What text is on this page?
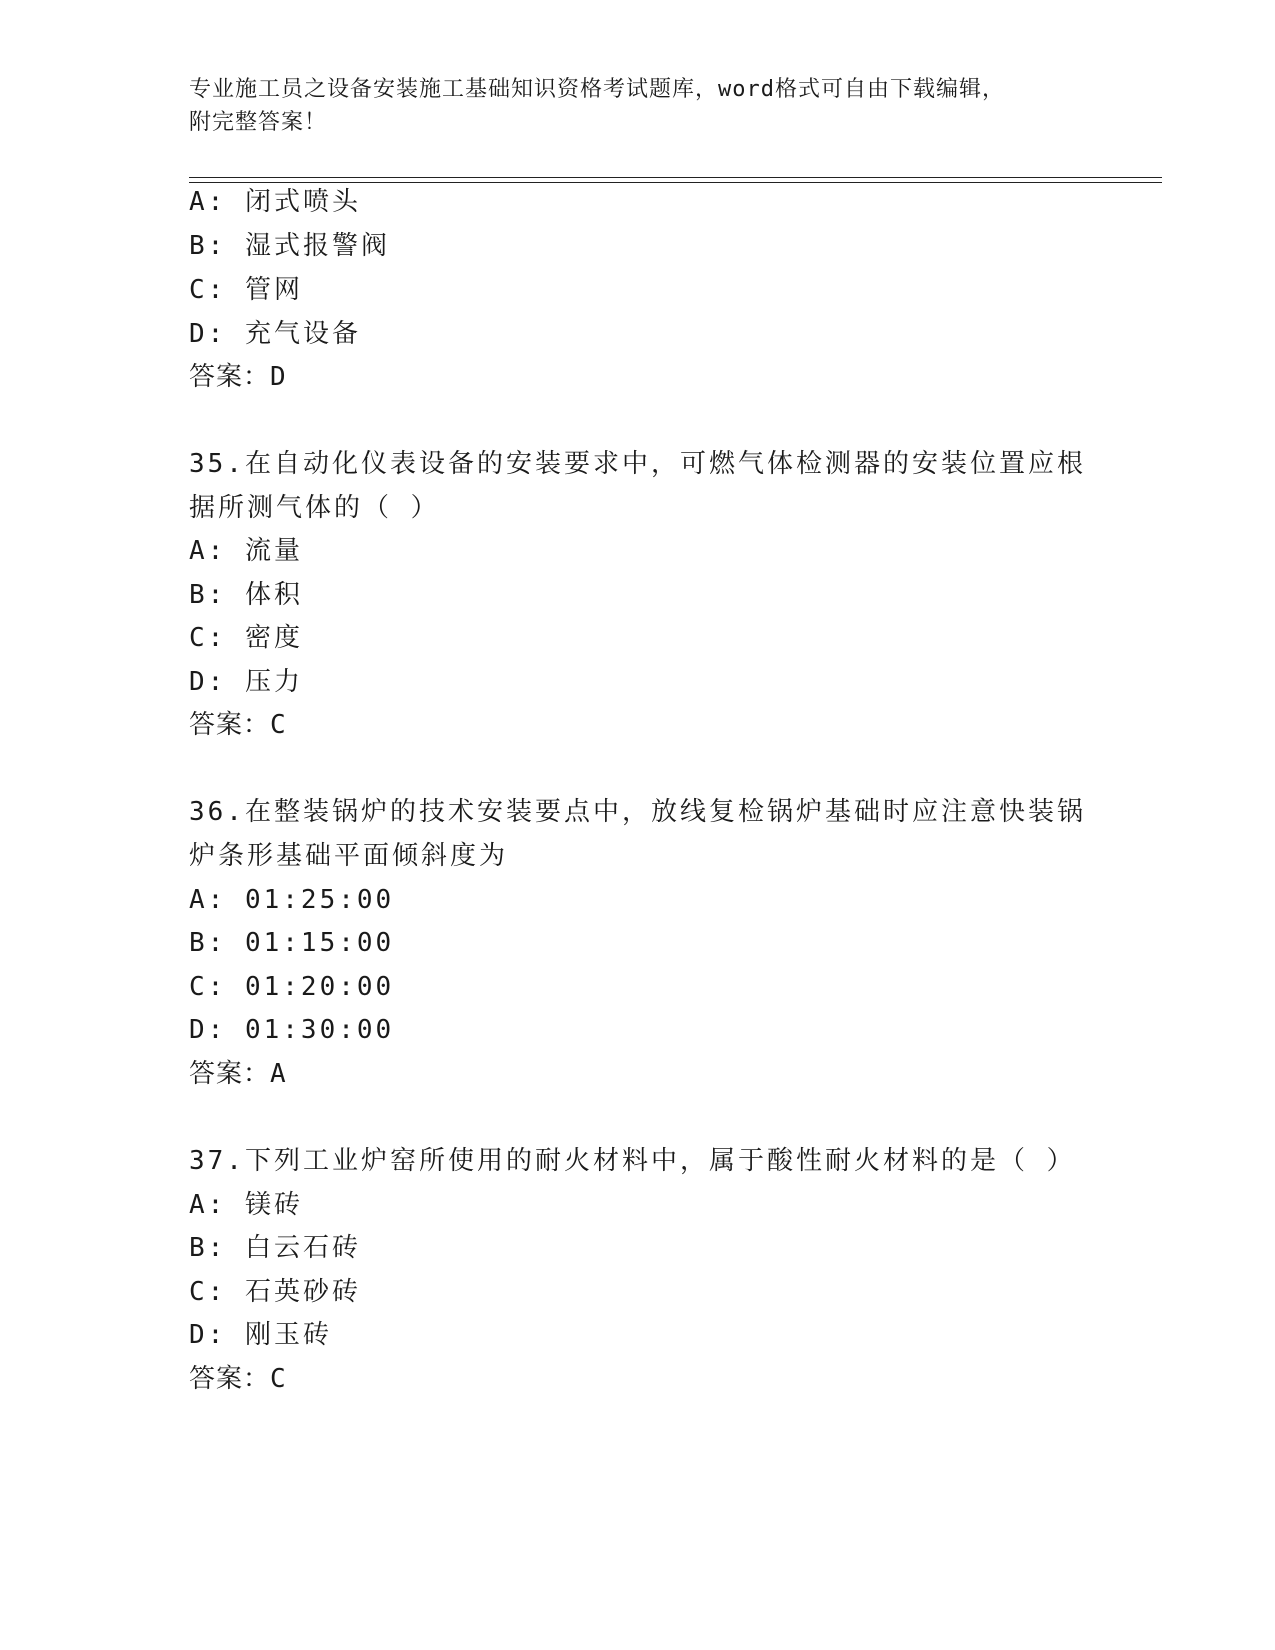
专业施工员之设备安装施工基础知识资格考试题库，word格式可自由下载编辑，
附完整答案！
A: 闭式喷头
B: 湿式报警阀
C: 管网
D: 充气设备
答案：D
35.在自动化仪表设备的安装要求中，可燃气体检测器的安装位置应根
据所测气体的（ ）
A: 流量
B: 体积
C: 密度
D: 压力
答案：C
36.在整装锅炉的技术安装要点中，放线复检锅炉基础时应注意快装锅
炉条形基础平面倾斜度为
A: 01:25:00
B: 01:15:00
C: 01:20:00
D: 01:30:00
答案：A
37.下列工业炉窑所使用的耐火材料中，属于酸性耐火材料的是（ ）
A: 镁砖
B: 白云石砖
C: 石英砂砖
D: 刚玉砖
答案：C
